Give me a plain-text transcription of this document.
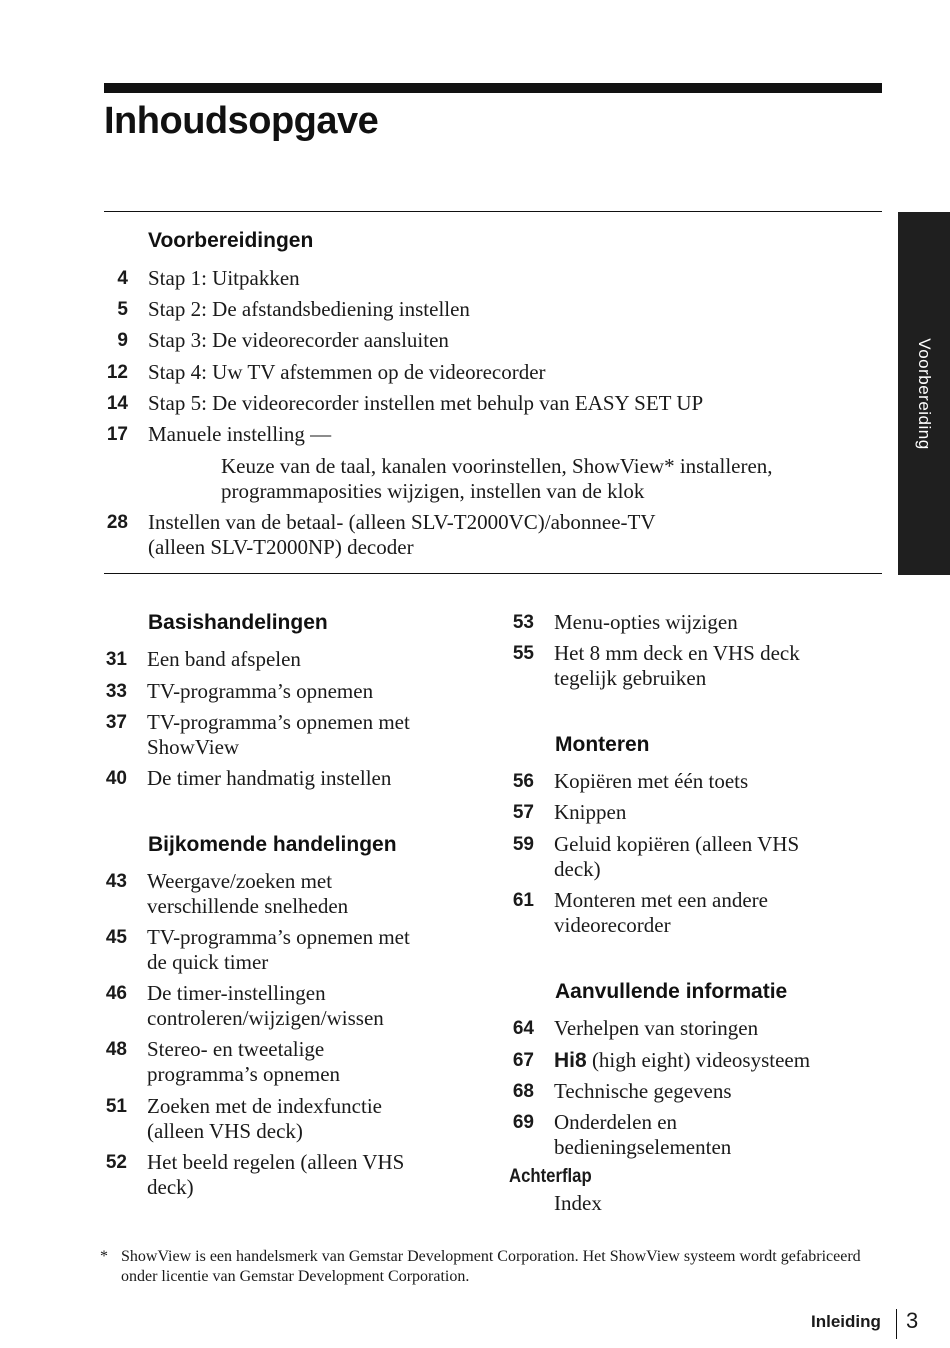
Inhoudsopgave
Voorbereiding
Voorbereidingen
4 Stap 1: Uitpakken
5 Stap 2: De afstandsbediening instellen
9 Stap 3: De videorecorder aansluiten
12 Stap 4: Uw TV afstemmen op de videorecorder
14 Stap 5: De videorecorder instellen met behulp van EASY SET UP
17 Manuele instelling —
Keuze van de taal, kanalen voorinstellen, ShowView* installeren,
programmaposities wijzigen, instellen van de klok
28 Instellen van de betaal- (alleen SLV-T2000VC)/abonnee-TV
(alleen SLV-T2000NP) decoder
Basishandelingen
31 Een band afspelen
33 TV-programma’s opnemen
37 TV-programma’s opnemen met
ShowView
40 De timer handmatig instellen
Bijkomende handelingen
43 Weergave/zoeken met
verschillende snelheden
45 TV-programma’s opnemen met
de quick timer
46 De timer-instellingen
controleren/wijzigen/wissen
48 Stereo- en tweetalige
programma’s opnemen
51 Zoeken met de indexfunctie
(alleen VHS deck)
52 Het beeld regelen (alleen VHS
deck)
53 Menu-opties wijzigen
55 Het 8 mm deck en VHS deck
tegelijk gebruiken
Monteren
56 Kopiëren met één toets
57 Knippen
59 Geluid kopiëren (alleen VHS
deck)
61 Monteren met een andere
videorecorder
Aanvullende informatie
64 Verhelpen van storingen
67 Hi8 (high eight) videosysteem
68 Technische gegevens
69 Onderdelen en
bedieningselementen
Achterflap
Index
* ShowView is een handelsmerk van Gemstar Development Corporation. Het ShowView systeem wordt gefabriceerd onder licentie van Gemstar Development Corporation.
Inleiding 3
